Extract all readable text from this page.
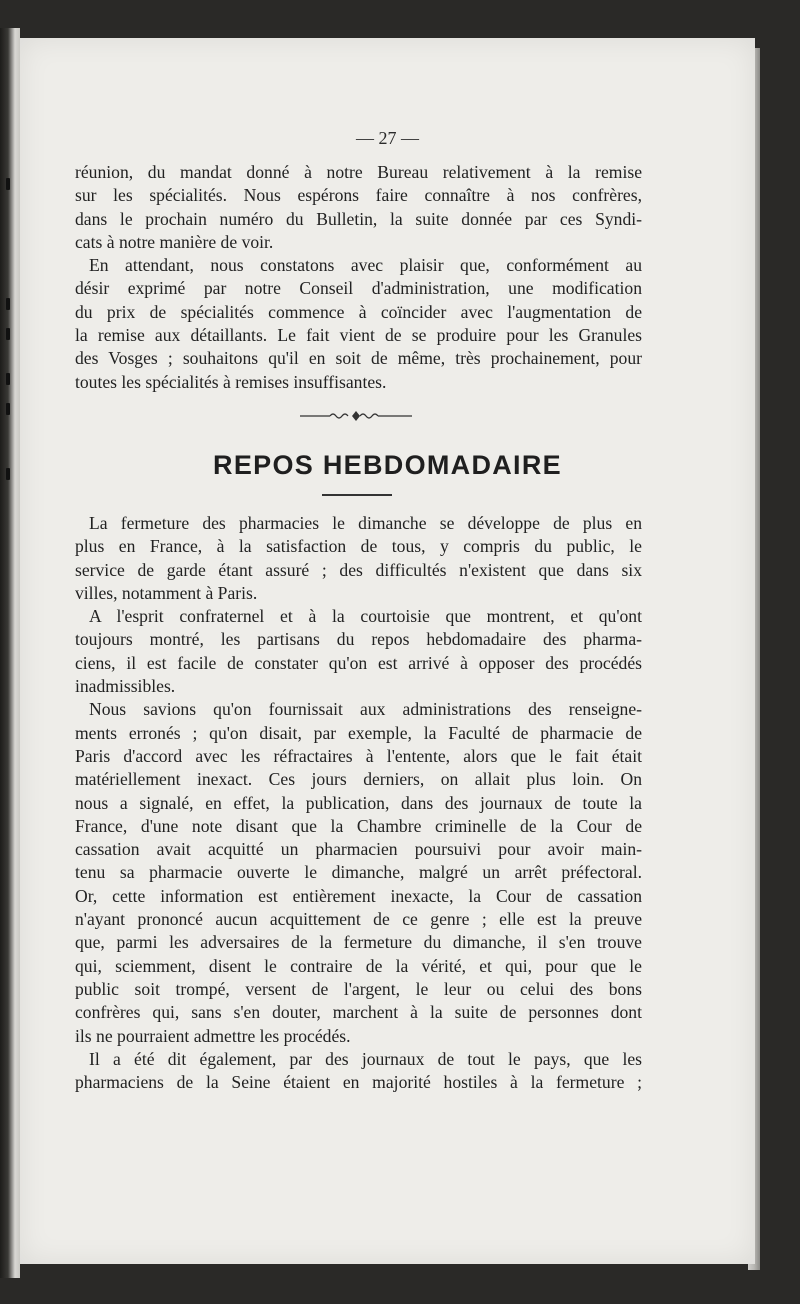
— 27 —
réunion, du mandat donné à notre Bureau relativement à la remise
sur les spécialités. Nous espérons faire connaître à nos confrères,
dans le prochain numéro du Bulletin, la suite donnée par ces Syndi-
cats à notre manière de voir.
En attendant, nous constatons avec plaisir que, conformément au
désir exprimé par notre Conseil d'administration, une modification
du prix de spécialités commence à coïncider avec l'augmentation de
la remise aux détaillants. Le fait vient de se produire pour les Granules
des Vosges ; souhaitons qu'il en soit de même, très prochainement, pour
toutes les spécialités à remises insuffisantes.
REPOS HEBDOMADAIRE
La fermeture des pharmacies le dimanche se développe de plus en
plus en France, à la satisfaction de tous, y compris du public, le
service de garde étant assuré ; des difficultés n'existent que dans six
villes, notamment à Paris.
A l'esprit confraternel et à la courtoisie que montrent, et qu'ont
toujours montré, les partisans du repos hebdomadaire des pharma-
ciens, il est facile de constater qu'on est arrivé à opposer des procédés
inadmissibles.
Nous savions qu'on fournissait aux administrations des renseigne-
ments erronés ; qu'on disait, par exemple, la Faculté de pharmacie de
Paris d'accord avec les réfractaires à l'entente, alors que le fait était
matériellement inexact. Ces jours derniers, on allait plus loin. On
nous a signalé, en effet, la publication, dans des journaux de toute la
France, d'une note disant que la Chambre criminelle de la Cour de
cassation avait acquitté un pharmacien poursuivi pour avoir main-
tenu sa pharmacie ouverte le dimanche, malgré un arrêt préfectoral.
Or, cette information est entièrement inexacte, la Cour de cassation
n'ayant prononcé aucun acquittement de ce genre ; elle est la preuve
que, parmi les adversaires de la fermeture du dimanche, il s'en trouve
qui, sciemment, disent le contraire de la vérité, et qui, pour que le
public soit trompé, versent de l'argent, le leur ou celui des bons
confrères qui, sans s'en douter, marchent à la suite de personnes dont
ils ne pourraient admettre les procédés.
Il a été dit également, par des journaux de tout le pays, que les
pharmaciens de la Seine étaient en majorité hostiles à la fermeture ;
